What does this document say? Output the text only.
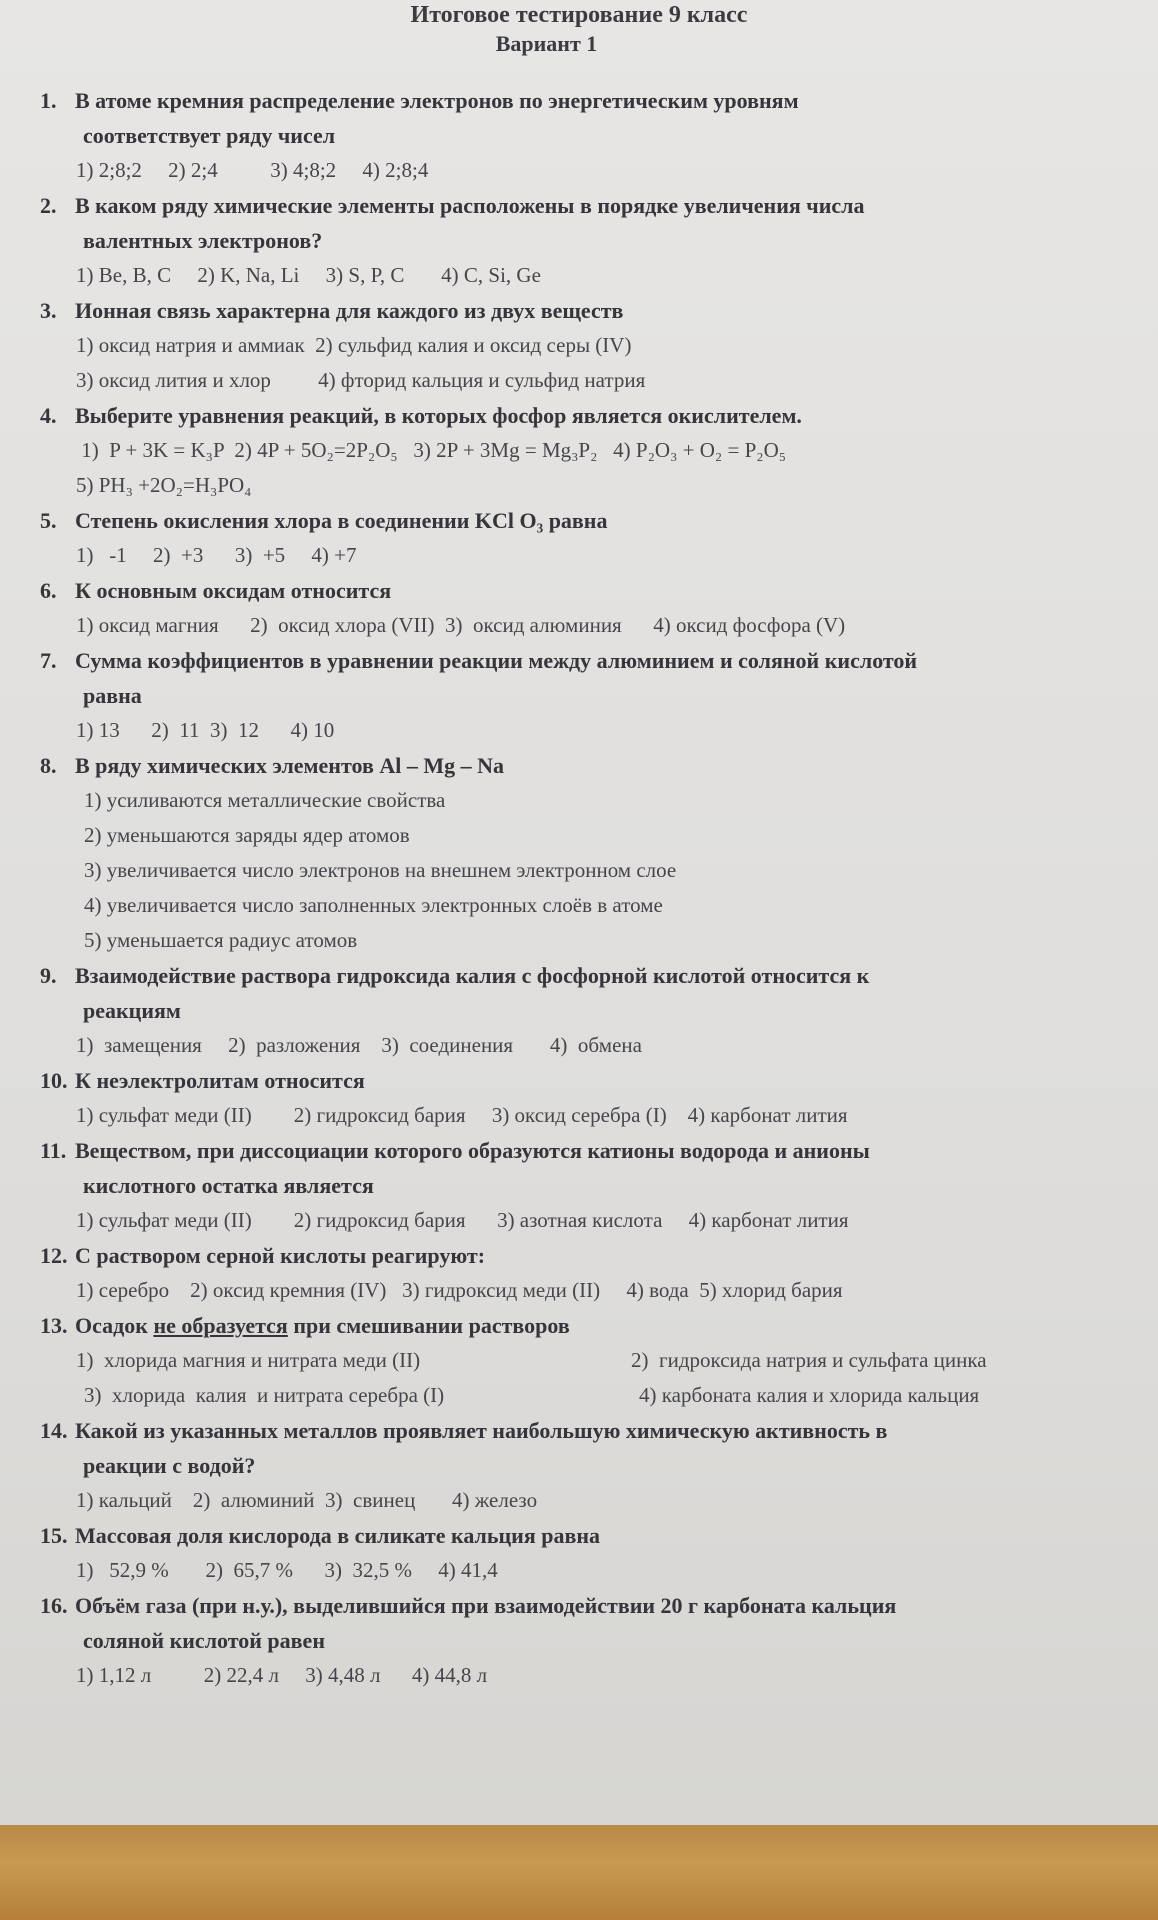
Итоговое тестирование 9 класс
Вариант 1
1. В атоме кремния распределение электронов по энергетическим уровням
соответствует ряду чисел
1) 2;8;2     2) 2;4          3) 4;8;2     4) 2;8;4
2. В каком ряду химические элементы расположены в порядке увеличения числа
валентных электронов?
1) Be, B, C     2) K, Na, Li     3) S, P, C       4) C, Si, Ge
3. Ионная связь характерна для каждого из двух веществ
1) оксид натрия и аммиак  2) сульфид калия и оксид серы (IV)
3) оксид лития и хлор         4) фторид кальция и сульфид натрия
4. Выберите уравнения реакций, в которых фосфор является окислителем.
1)  P + 3K = K₃P  2) 4P + 5O₂=2P₂O₅   3) 2P + 3Mg = Mg₃P₂   4) P₂O₃ + O₂ = P₂O₅
5) PH₃ +2O₂=H₃PO₄
5. Степень окисления хлора в соединении KCl O₃ равна
1)   -1     2)  +3      3)  +5     4) +7
6. К основным оксидам относится
1) оксид магния      2)  оксид хлора (VII)  3)  оксид алюминия      4) оксид фосфора (V)
7. Сумма коэффициентов в уравнении реакции между алюминием и соляной кислотой
равна
1) 13      2)  11  3)  12      4) 10
8. В ряду химических элементов Al – Mg – Na
1) усиливаются металлические свойства
2) уменьшаются заряды ядер атомов
3) увеличивается число электронов на внешнем электронном слое
4) увеличивается число заполненных электронных слоёв в атоме
5) уменьшается радиус атомов
9. Взаимодействие раствора гидроксида калия с фосфорной кислотой относится к
реакциям
1)  замещения     2)  разложения    3)  соединения       4)  обмена
10. К неэлектролитам относится
1) сульфат меди (II)        2) гидроксид бария     3) оксид серебра (I)    4) карбонат лития
11. Веществом, при диссоциации которого образуются катионы водорода и анионы
кислотного остатка является
1) сульфат меди (II)        2) гидроксид бария      3) азотная кислота     4) карбонат лития
12. С раствором серной кислоты реагируют:
1) серебро    2) оксид кремния (IV)   3) гидроксид меди (II)     4) вода  5) хлорид бария
13. Осадок не образуется при смешивании растворов
1)  хлорида магния и нитрата меди (II)	2)  гидроксида натрия и сульфата цинка
3)  хлорида  калия  и нитрата серебра (I)	4) карбоната калия и хлорида кальция
14. Какой из указанных металлов проявляет наибольшую химическую активность в
реакции с водой?
1) кальций    2)  алюминий  3)  свинец       4) железо
15. Массовая доля кислорода в силикате кальция равна
1)   52,9 %       2)  65,7 %      3)  32,5 %     4) 41,4
16. Объём газа (при н.у.), выделившийся при взаимодействии 20 г карбоната кальция
соляной кислотой равен
1) 1,12 л          2) 22,4 л     3) 4,48 л      4) 44,8 л
